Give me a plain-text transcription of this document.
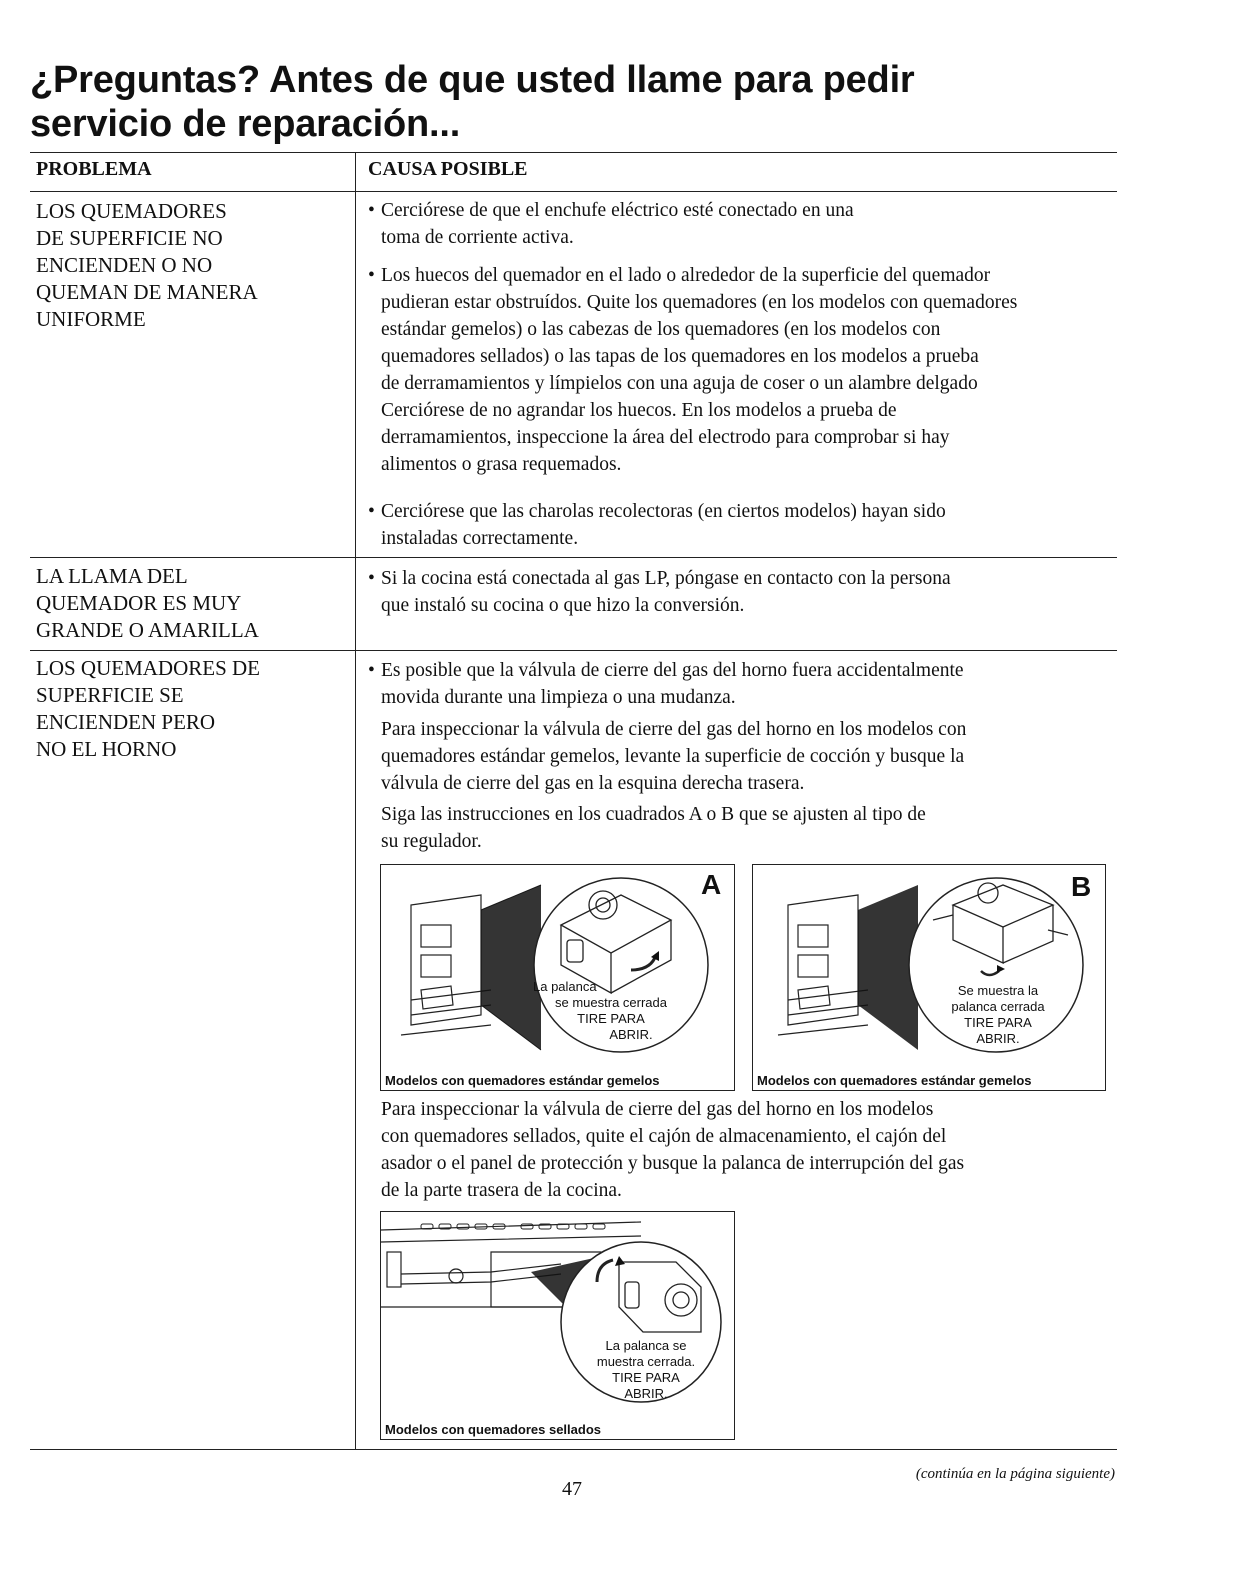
¿Preguntas? Antes de que usted llame para pedir
servicio de reparación...
PROBLEMA	CAUSA POSIBLE
LOS QUEMADORES
DE SUPERFICIE NO
ENCIENDEN O NO
QUEMAN DE MANERA
UNIFORME
• Cerciórese de que el enchufe eléctrico esté conectado en una
toma de corriente activa.
• Los huecos del quemador en el lado o alrededor de la superficie del quemador
pudieran estar obstruídos. Quite los quemadores (en los modelos con quemadores
estándar gemelos) o las cabezas de los quemadores (en los modelos con
quemadores sellados) o las tapas de los quemadores en los modelos a prueba
de derramamientos y límpielos con una aguja de coser o un alambre delgado
Cerciórese de no agrandar los huecos. En los modelos a prueba de
derramamientos, inspeccione la área del electrodo para comprobar si hay
alimentos o grasa requemados.
• Cerciórese que las charolas recolectoras (en ciertos modelos) hayan sido
instaladas correctamente.
LA LLAMA DEL
QUEMADOR ES MUY
GRANDE O AMARILLA
• Si la cocina está conectada al gas LP, póngase en contacto con la persona
que instaló su cocina o que hizo la conversión.
LOS QUEMADORES DE
SUPERFICIE SE
ENCIENDEN PERO
NO EL HORNO
• Es posible que la válvula de cierre del gas del horno fuera accidentalmente
movida durante una limpieza o una mudanza.
Para inspeccionar la válvula de cierre del gas del horno en los modelos con
quemadores estándar gemelos, levante la superficie de cocción y busque la
válvula de cierre del gas en la esquina derecha trasera.
Siga las instrucciones en los cuadrados A o B que se ajusten al tipo de
su regulador.
A
La palanca
se muestra cerrada
TIRE PARA
ABRIR.
Modelos con quemadores estándar gemelos
B
Se muestra la
palanca cerrada
TIRE PARA
ABRIR.
Modelos con quemadores estándar gemelos
Para inspeccionar la válvula de cierre del gas del horno en los modelos
con quemadores sellados, quite el cajón de almacenamiento, el cajón del
asador o el panel de protección y busque la palanca de interrupción del gas
de la parte trasera de la cocina.
La palanca se
muestra cerrada.
TIRE PARA
ABRIR.
Modelos con quemadores sellados
47
(continúa en la página siguiente)
